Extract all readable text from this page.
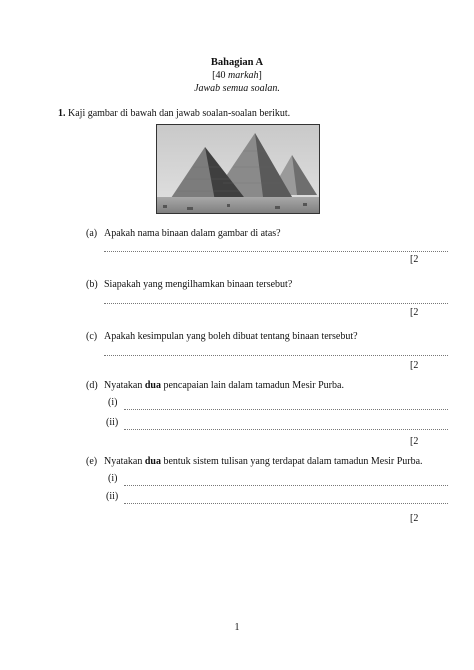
Bahagian A
[40 markah]
Jawab semua soalan.
1. Kaji gambar di bawah dan jawab soalan-soalan berikut.
(a) Apakah nama binaan dalam gambar di atas?
[2
(b) Siapakah yang mengilhamkan binaan tersebut?
[2
(c) Apakah kesimpulan yang boleh dibuat tentang binaan tersebut?
[2
(d) Nyatakan dua pencapaian lain dalam tamadun Mesir Purba.
(i)
(ii)
[2
(e) Nyatakan dua bentuk sistem tulisan yang terdapat dalam tamadun Mesir Purba.
(i)
(ii)
[2
1
